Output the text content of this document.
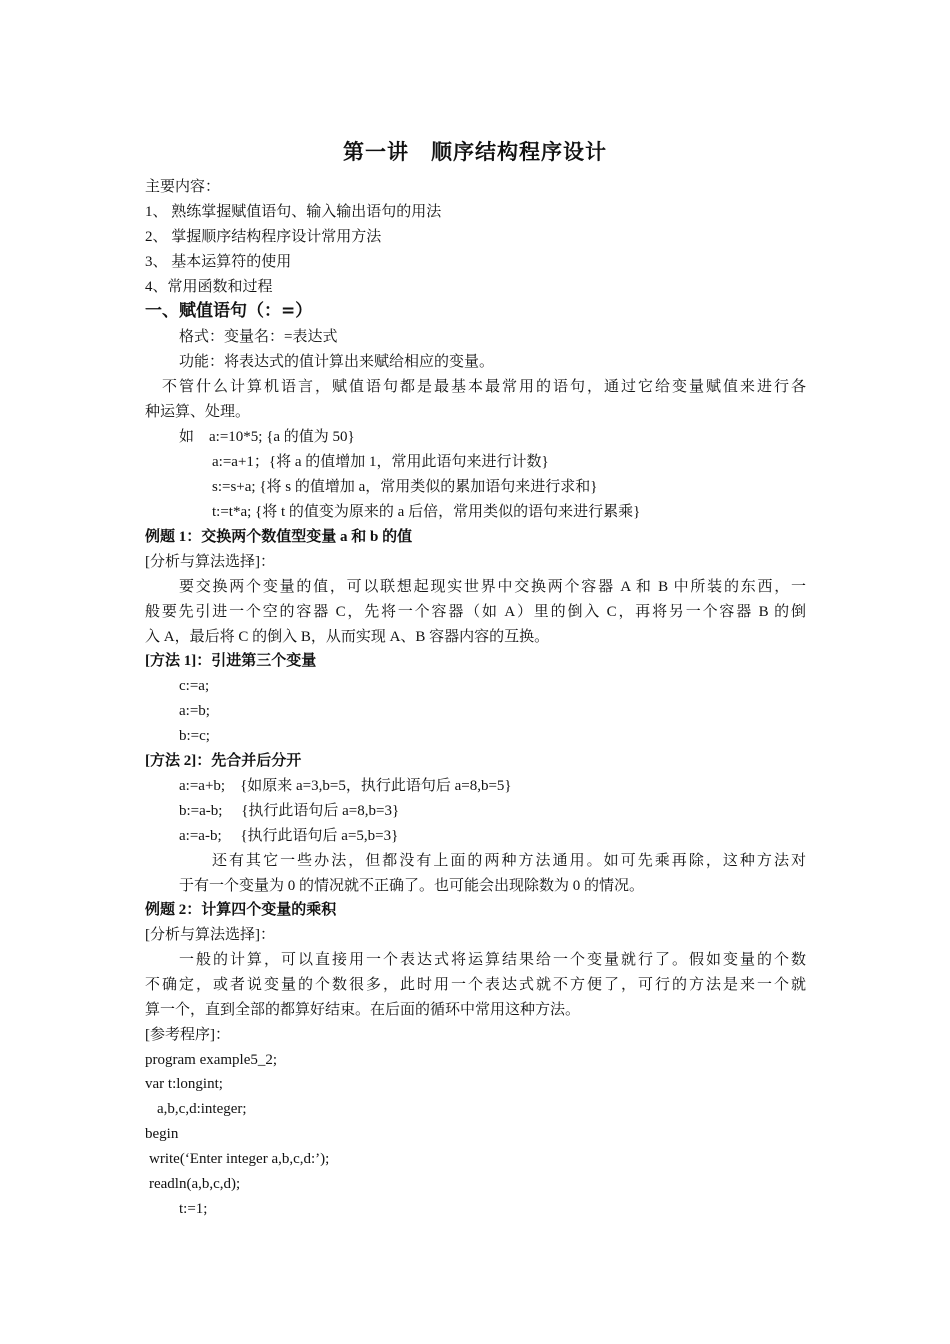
第一讲　顺序结构程序设计
主要内容：
1、 熟练掌握赋值语句、输入输出语句的用法
2、 掌握顺序结构程序设计常用方法
3、 基本运算符的使用
4、常用函数和过程
一、赋值语句（：=）
格式：变量名：=表达式
功能：将表达式的值计算出来赋给相应的变量。
不管什么计算机语言，赋值语句都是最基本最常用的语句，通过它给变量赋值来进行各
种运算、处理。
如　a:=10*5; {a 的值为 50}
a:=a+1；{将 a 的值增加 1，常用此语句来进行计数}
s:=s+a; {将 s 的值增加 a，常用类似的累加语句来进行求和}
t:=t*a; {将 t 的值变为原来的 a 后倍，常用类似的语句来进行累乘}
例题 1：交换两个数值型变量 a 和 b 的值
[分析与算法选择]：
要交换两个变量的值，可以联想起现实世界中交换两个容器 A 和 B 中所装的东西，一
般要先引进一个空的容器 C，先将一个容器（如 A）里的倒入 C，再将另一个容器 B 的倒
入 A，最后将 C 的倒入 B，从而实现 A、B 容器内容的互换。
[方法 1]：引进第三个变量
c:=a;
a:=b;
b:=c;
[方法 2]：先合并后分开
a:=a+b;　{如原来 a=3,b=5，执行此语句后 a=8,b=5}
b:=a-b;　 {执行此语句后 a=8,b=3}
a:=a-b;　 {执行此语句后 a=5,b=3}
还有其它一些办法，但都没有上面的两种方法通用。如可先乘再除，这种方法对
于有一个变量为 0 的情况就不正确了。也可能会出现除数为 0 的情况。
例题 2：计算四个变量的乘积
[分析与算法选择]：
一般的计算，可以直接用一个表达式将运算结果给一个变量就行了。假如变量的个数
不确定，或者说变量的个数很多，此时用一个表达式就不方便了，可行的方法是来一个就
算一个，直到全部的都算好结束。在后面的循环中常用这种方法。
[参考程序]：
program example5_2;
var t:longint;
a,b,c,d:integer;
begin
write(‘Enter integer a,b,c,d:’);
readln(a,b,c,d);
t:=1;
